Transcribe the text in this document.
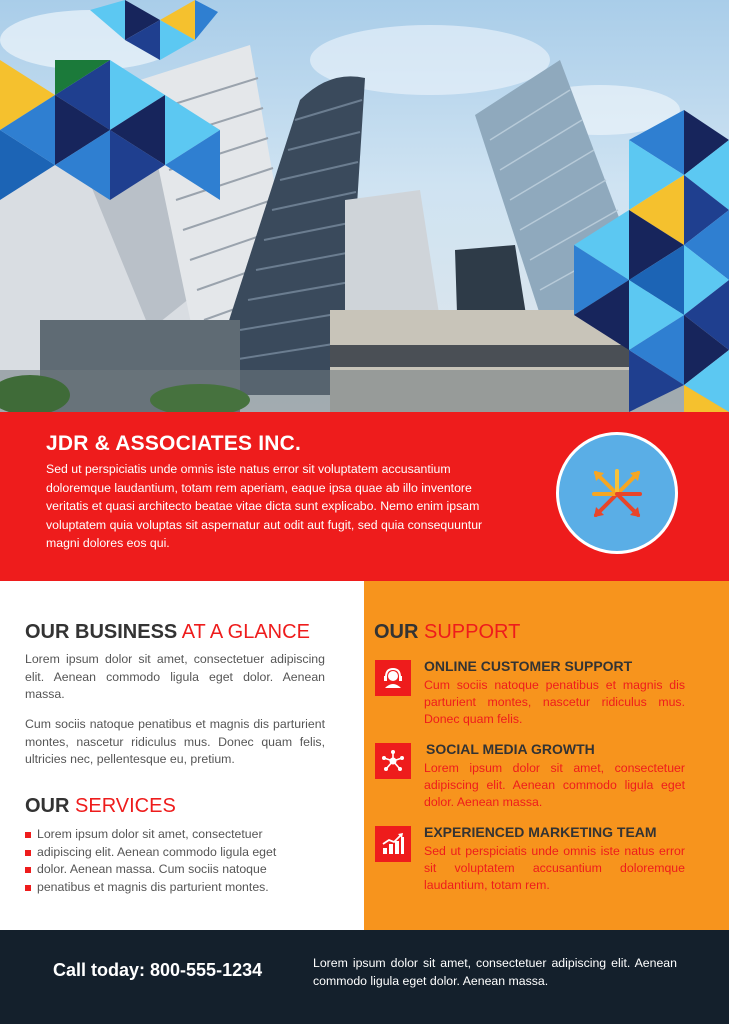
JDR & ASSOCIATES INC.
Sed ut perspiciatis unde omnis iste natus error sit voluptatem accusantium doloremque laudantium, totam rem aperiam, eaque ipsa quae ab illo inventore veritatis et quasi architecto beatae vitae dicta sunt explicabo. Nemo enim ipsam voluptatem quia voluptas sit aspernatur aut odit aut fugit, sed quia consequuntur magni dolores eos qui.
OUR BUSINESS AT A GLANCE
Lorem ipsum dolor sit amet, consectetuer adipiscing elit. Aenean commodo ligula eget dolor. Aenean massa.
Cum sociis natoque penatibus et magnis dis parturient montes, nascetur ridiculus mus. Donec quam felis, ultricies nec, pellentesque eu, pretium.
OUR SERVICES
Lorem ipsum dolor sit amet, consectetuer
adipiscing elit. Aenean commodo ligula eget
dolor. Aenean massa. Cum sociis natoque
penatibus et magnis dis parturient montes.
OUR SUPPORT
ONLINE CUSTOMER SUPPORT
Cum sociis natoque penatibus et magnis dis parturient montes, nascetur ridiculus mus. Donec quam felis.
SOCIAL MEDIA GROWTH
Lorem ipsum dolor sit amet, consectetuer adipiscing elit. Aenean commodo ligula eget dolor. Aenean massa.
EXPERIENCED MARKETING TEAM
Sed ut perspiciatis unde omnis iste natus error sit voluptatem accusantium doloremque laudantium, totam rem.
Call today: 800-555-1234	Lorem ipsum dolor sit amet, consectetuer adipiscing elit. Aenean commodo ligula eget dolor. Aenean massa.
